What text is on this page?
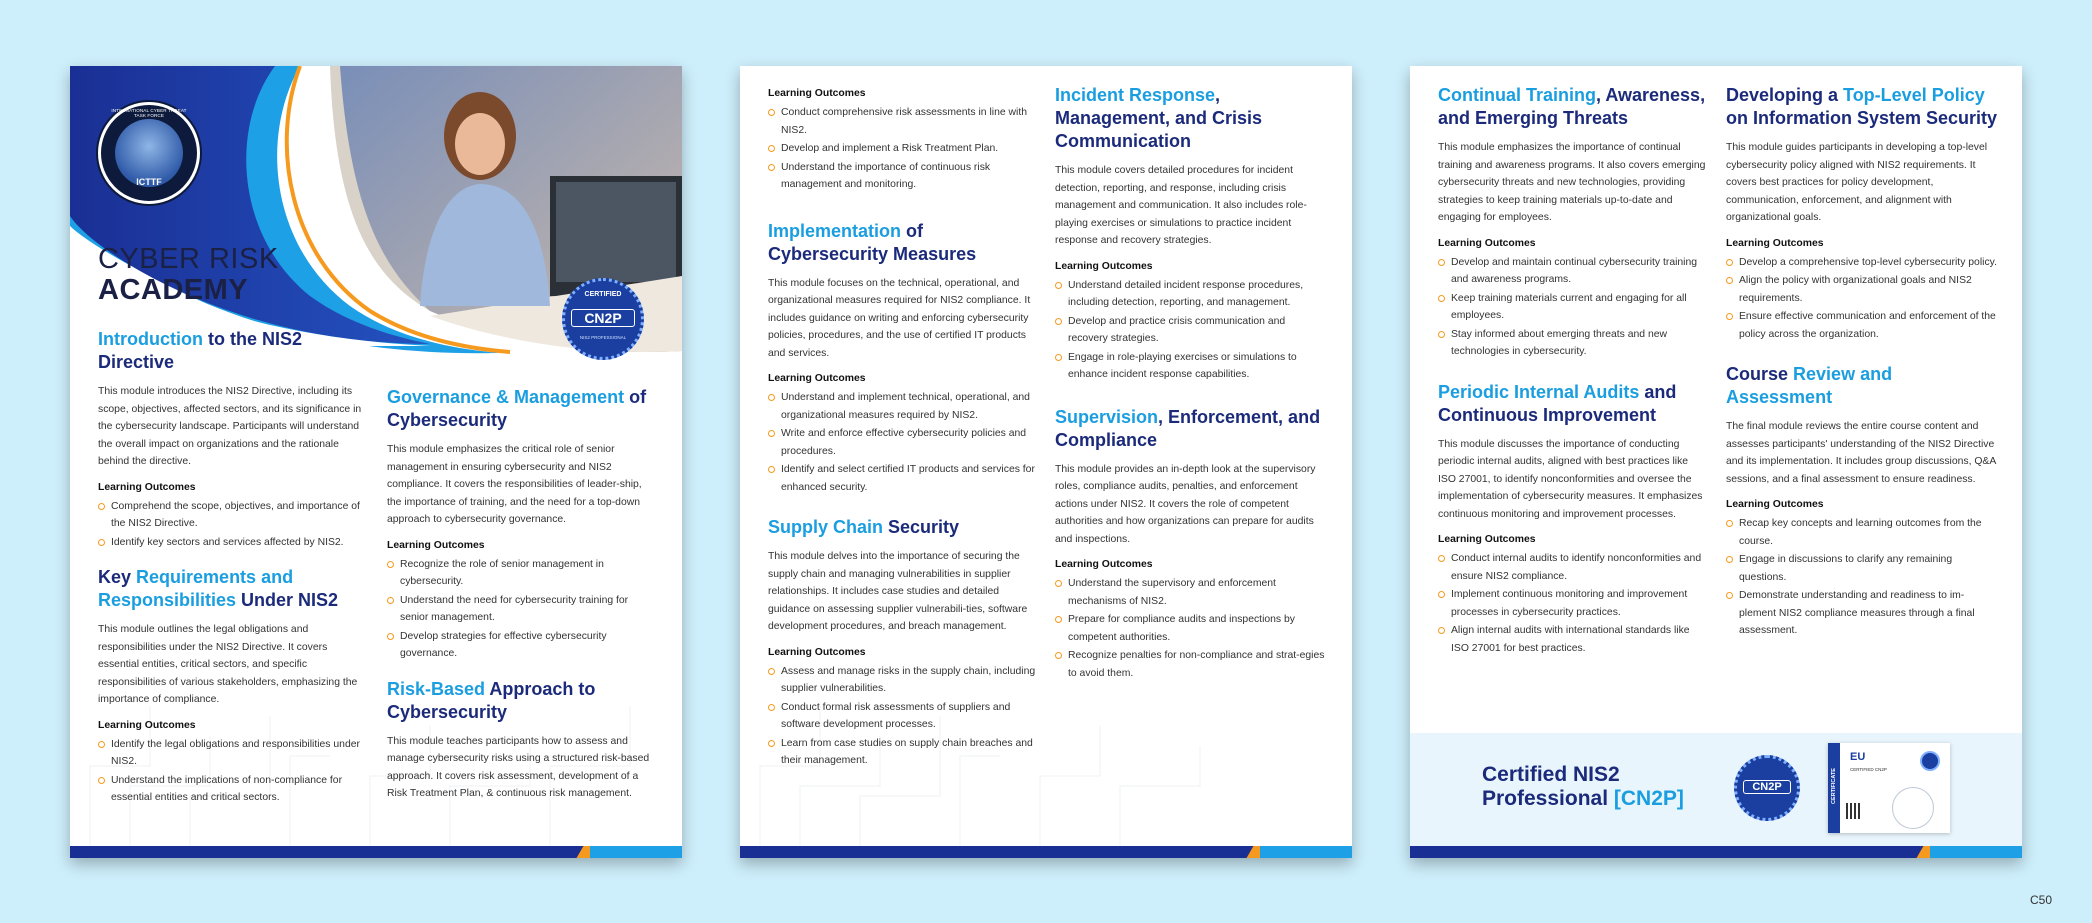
INTERNATIONAL CYBER THREAT TASK FORCE
ICTTF
CERTIFIED
CN2P
NIS2 PROFESSIONAL
CYBER RISK
ACADEMY
Introduction to the NIS2 Directive

This module introduces the NIS2 Directive, including its scope, objectives, affected sectors, and its significance in the cybersecurity landscape. Participants will understand the overall impact on organizations and the rationale behind the directive.

Learning Outcomes
Comprehend the scope, objectives, and importance of the NIS2 Directive.
Identify key sectors and services affected by NIS2.
Key Requirements and Responsibilities Under NIS2

This module outlines the legal obligations and responsibilities under the NIS2 Directive. It covers essential entities, critical sectors, and specific responsibilities of various stakeholders, emphasizing the importance of compliance.

Learning Outcomes
Identify the legal obligations and responsibilities under NIS2.
Understand the implications of non-compliance for essential entities and critical sectors.
Governance & Management of Cybersecurity

This module emphasizes the critical role of senior management in ensuring cybersecurity and NIS2 compliance. It covers the responsibilities of leader-ship, the importance of training, and the need for a top-down approach to cybersecurity governance.

Learning Outcomes
Recognize the role of senior management in cybersecurity.
Understand the need for cybersecurity training for senior management.
Develop strategies for effective cybersecurity governance.
Risk-Based Approach to Cybersecurity

This module teaches participants how to assess and manage cybersecurity risks using a structured risk-based approach. It covers risk assessment, development of a Risk Treatment Plan, & continuous risk management.

Learning Outcomes
Conduct comprehensive risk assessments in line with NIS2.
Develop and implement a Risk Treatment Plan.
Understand the importance of continuous risk management and monitoring.
Implementation of Cybersecurity Measures

This module focuses on the technical, operational, and organizational measures required for NIS2 compliance. It includes guidance on writing and enforcing cybersecurity policies, procedures, and the use of certified IT products and services.

Learning Outcomes
Understand and implement technical, operational, and organizational measures required by NIS2.
Write and enforce effective cybersecurity policies and procedures.
Identify and select certified IT products and services for enhanced security.
Supply Chain Security

This module delves into the importance of securing the supply chain and managing vulnerabilities in supplier relationships. It includes case studies and detailed guidance on assessing supplier vulnerabili-ties, software development procedures, and breach management.

Learning Outcomes
Assess and manage risks in the supply chain, including supplier vulnerabilities.
Conduct formal risk assessments of suppliers and software development processes.
Learn from case studies on supply chain breaches and their management.
Incident Response, Management, and Crisis Communication

This module covers detailed procedures for incident detection, reporting, and response, including crisis management and communication. It also includes role-playing exercises or simulations to practice incident response and recovery strategies.

Learning Outcomes
Understand detailed incident response procedures, including detection, reporting, and management.
Develop and practice crisis communication and recovery strategies.
Engage in role-playing exercises or simulations to enhance incident response capabilities.
Supervision, Enforcement, and Compliance

This module provides an in-depth look at the supervisory roles, compliance audits, penalties, and enforcement actions under NIS2. It covers the role of competent authorities and how organizations can prepare for audits and inspections.

Learning Outcomes
Understand the supervisory and enforcement mechanisms of NIS2.
Prepare for compliance audits and inspections by competent authorities.
Recognize penalties for non-compliance and strat-egies to avoid them.
Continual Training, Awareness, and Emerging Threats

This module emphasizes the importance of continual training and awareness programs. It also covers emerging cybersecurity threats and new technologies, providing strategies to keep training materials up-to-date and engaging for employees.

Learning Outcomes
Develop and maintain continual cybersecurity training and awareness programs.
Keep training materials current and engaging for all employees.
Stay informed about emerging threats and new technologies in cybersecurity.
Periodic Internal Audits and Continuous Improvement

This module discusses the importance of conducting periodic internal audits, aligned with best practices like ISO 27001, to identify nonconformities and oversee the implementation of cybersecurity measures. It emphasizes continuous monitoring and improvement processes.

Learning Outcomes
Conduct internal audits to identify nonconformities and ensure NIS2 compliance.
Implement continuous monitoring and improvement processes in cybersecurity practices.
Align internal audits with international standards like ISO 27001 for best practices.
Developing a Top-Level Policy on Information System Security

This module guides participants in developing a top-level cybersecurity policy aligned with NIS2 requirements. It covers best practices for policy development, communication, enforcement, and alignment with organizational goals.

Learning Outcomes
Develop a comprehensive top-level cybersecurity policy.
Align the policy with organizational goals and NIS2 requirements.
Ensure effective communication and enforcement of the policy across the organization.
Course Review and Assessment

The final module reviews the entire course content and assesses participants' understanding of the NIS2 Directive and its implementation. It includes group discussions, Q&A sessions, and a final assessment to ensure readiness.

Learning Outcomes
Recap key concepts and learning outcomes from the course.
Engage in discussions to clarify any remaining questions.
Demonstrate understanding and readiness to im-plement NIS2 compliance measures through a final assessment.
Certified NIS2
Professional [CN2P]	CN2P	CERTIFICATE
EU
CERTIFIED CN2P
C50
